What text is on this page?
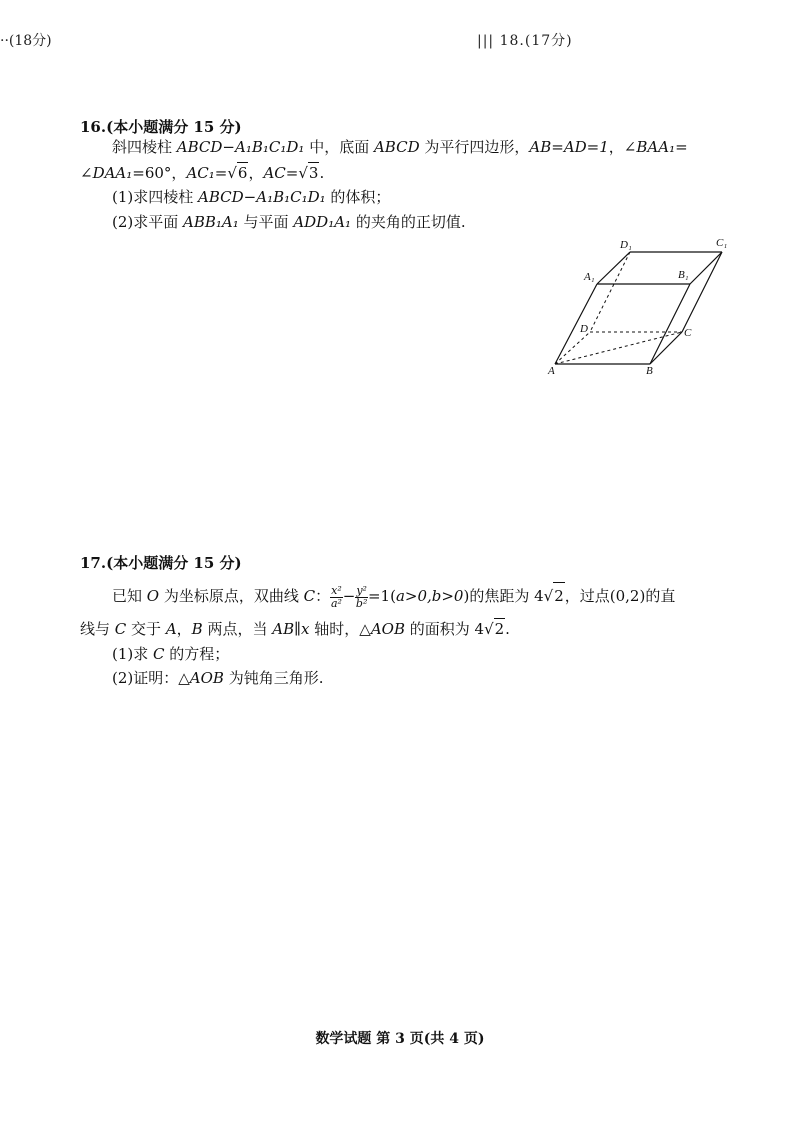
··(18分)	||| 18.(17分)
16.(本小题满分 15 分)
斜四棱柱 ABCD−A₁B₁C₁D₁ 中，底面 ABCD 为平行四边形，AB=AD=1，∠BAA₁=
∠DAA₁=60°，AC₁=√6，AC=√3.
(1)求四棱柱 ABCD−A₁B₁C₁D₁ 的体积；
(2)求平面 ABB₁A₁ 与平面 ADD₁A₁ 的夹角的正切值.
D₁	C₁
A₁	B₁
D	C
A	B
17.(本小题满分 15 分)
已知 O 为坐标原点，双曲线 C： $\frac{\text{x²}}{\text{a²}} - \frac{\text{y²}}{\text{b²}} =1(a>0,b>0)$的焦距为 4√2，过点(0,2)的直
线与 C 交于 A，B 两点，当 AB∥x 轴时，△AOB 的面积为 4√2.
(1)求 C 的方程；
(2)证明：△AOB 为钝角三角形.
数学试题 第 3 页(共 4 页)
